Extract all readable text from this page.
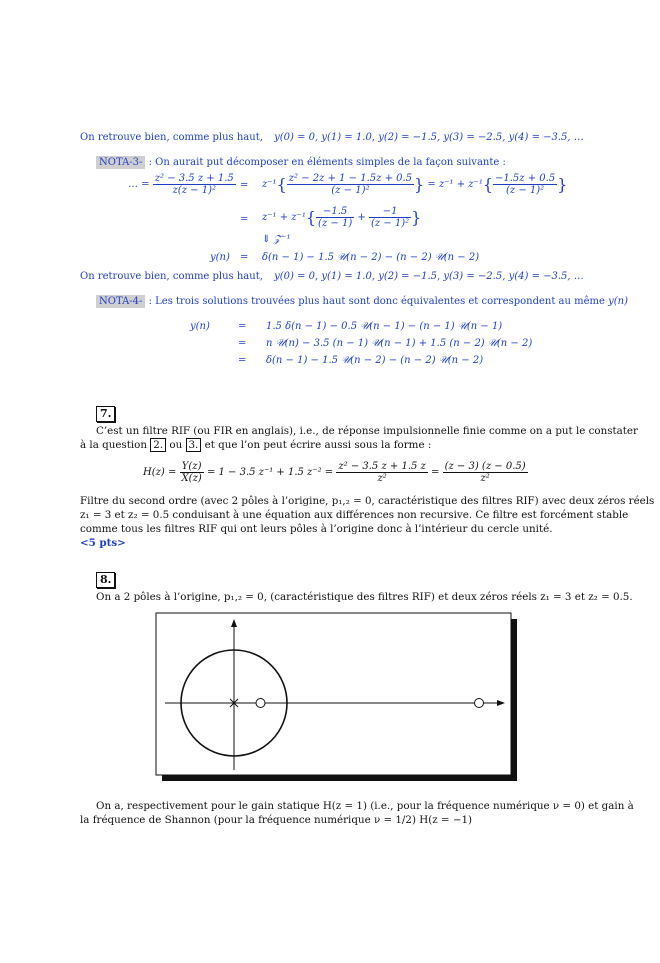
On retrouve bien, comme plus haut, y(0) = 0, y(1) = 1.0, y(2) = −1.5, y(3) = −2.5, y(4) = −3.5, …
NOTA-3- : On aurait put décomposer en éléments simples de la façon suivante :
… = $\frac{\text{z² − 3.5 z + 1.5}}{\text{z(z − 1)²}} = z^{-1}\{ \frac{\text{z² − 2z + 1 − 1.5z + 0.5}}{\text{(z − 1)²}}$ } = $z^{-1} + z^{-1}\{ \frac{-1.5z + 0.5}{\text{(z − 1)²}}$ }
= $z^{-1} + z^{-1}\{ \frac{-1.5}{(z - 1)} + \frac{-1}{\text{(z − 1)²}}$ }
⇓ 𝒵⁻¹
y(n) = δ(n − 1) − 1.5 𝒰(n − 2) − (n − 2) 𝒰(n − 2)
On retrouve bien, comme plus haut, y(0) = 0, y(1) = 1.0, y(2) = −1.5, y(3) = −2.5, y(4) = −3.5, …
NOTA-4- : Les trois solutions trouvées plus haut sont donc équivalentes et correspondent au même y(n)
y(n)	= 1.5 δ(n − 1) − 0.5 𝒰(n − 1) − (n − 1) 𝒰(n − 1)
= n 𝒰(n) − 3.5 (n − 1) 𝒰(n − 1) + 1.5 (n − 2) 𝒰(n − 2)
= δ(n − 1) − 1.5 𝒰(n − 2) − (n − 2) 𝒰(n − 2)
7.
C’est un filtre RIF (ou FIR en anglais), i.e., de réponse impulsionnelle finie comme on a put le constater
à la question 2. ou 3. et que l’on peut écrire aussi sous la forme :
$H(z) = \frac{Y(z)}{X(z)} = 1 - 3.5$ z⁻¹ + 1.5 $z^{-2} = \frac{\text{z² − 3.5 z + 1.5 z}}{\text{z²}} = \frac{(z - 3) (z - 0.5)}{\text{z²}}$
Filtre du second ordre (avec 2 pôles à l’origine, p₁,₂ = 0, caractéristique des filtres RIF) avec deux zéros réels
z₁ = 3 et z₂ = 0.5 conduisant à une équation aux différences non recursive. Ce filtre est forcément stable
comme tous les filtres RIF qui ont leurs pôles à l’origine donc à l’intérieur du cercle unité.
<5 pts>
8.
On a 2 pôles à l’origine, p₁,₂ = 0, (caractéristique des filtres RIF) et deux zéros réels z₁ = 3 et z₂ = 0.5.
On a, respectivement pour le gain statique H(z = 1) (i.e., pour la fréquence numérique ν = 0) et gain à
la fréquence de Shannon (pour la fréquence numérique ν = 1/2) H(z = −1)
